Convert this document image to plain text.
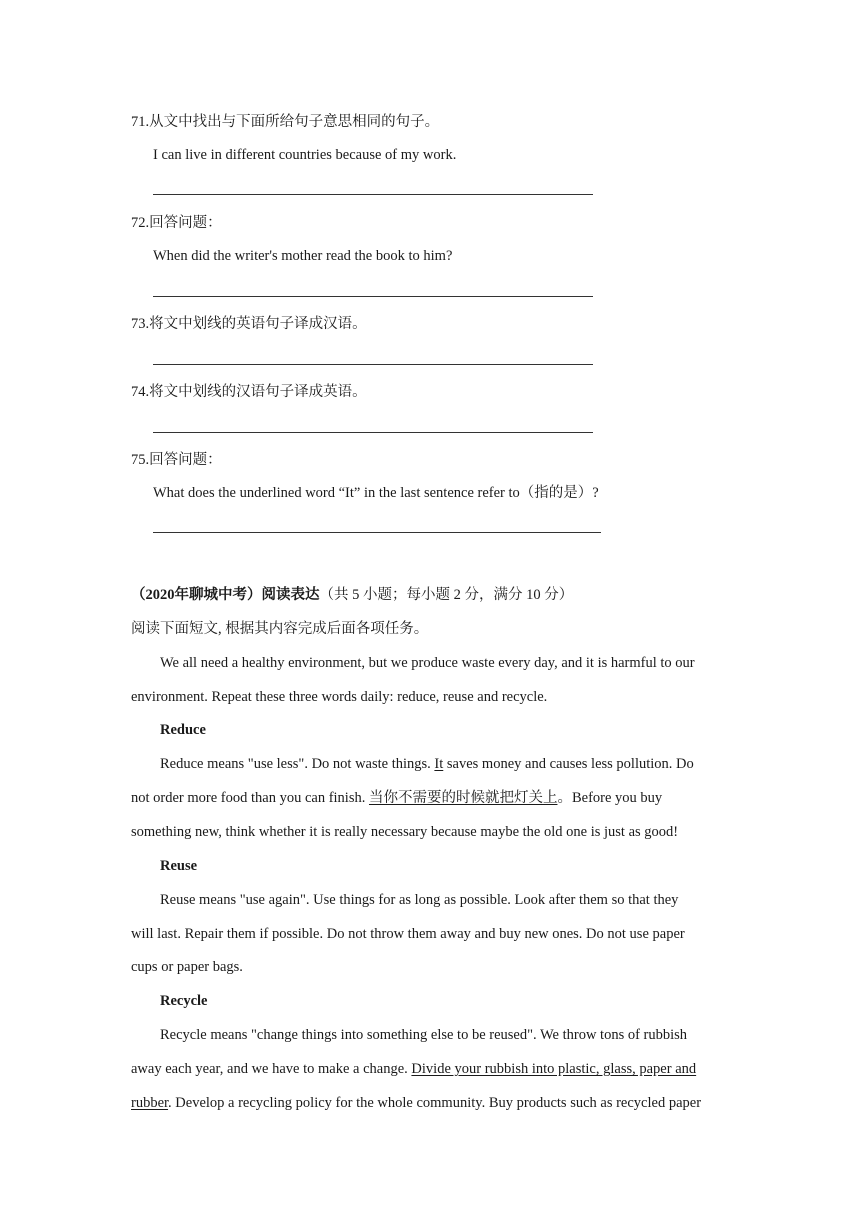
71.从文中找出与下面所给句子意思相同的句子。
I can live in different countries because of my work.
72.回答问题：
When did the writer's mother read the book to him?
73.将文中划线的英语句子译成汉语。
74.将文中划线的汉语句子译成英语。
75.回答问题：
What does the underlined word “It” in the last sentence refer to（指的是）?
（2020年聊城中考）阅读表达（共 5 小题；每小题 2 分，满分 10 分）
阅读下面短文, 根据其内容完成后面各项任务。
We all need a healthy environment, but we produce waste every day, and it is harmful to our
environment. Repeat these three words daily: reduce, reuse and recycle.
Reduce
Reduce means "use less". Do not waste things. It saves money and causes less pollution. Do
not order more food than you can finish. 当你不需要的时候就把灯关上。Before you buy
something new, think whether it is really necessary because maybe the old one is just as good!
Reuse
Reuse means "use again". Use things for as long as possible. Look after them so that they
will last. Repair them if possible. Do not throw them away and buy new ones. Do not use paper
cups or paper bags.
Recycle
Recycle means "change things into something else to be reused". We throw tons of rubbish
away each year, and we have to make a change. Divide your rubbish into plastic, glass, paper and
rubber. Develop a recycling policy for the whole community. Buy products such as recycled paper
